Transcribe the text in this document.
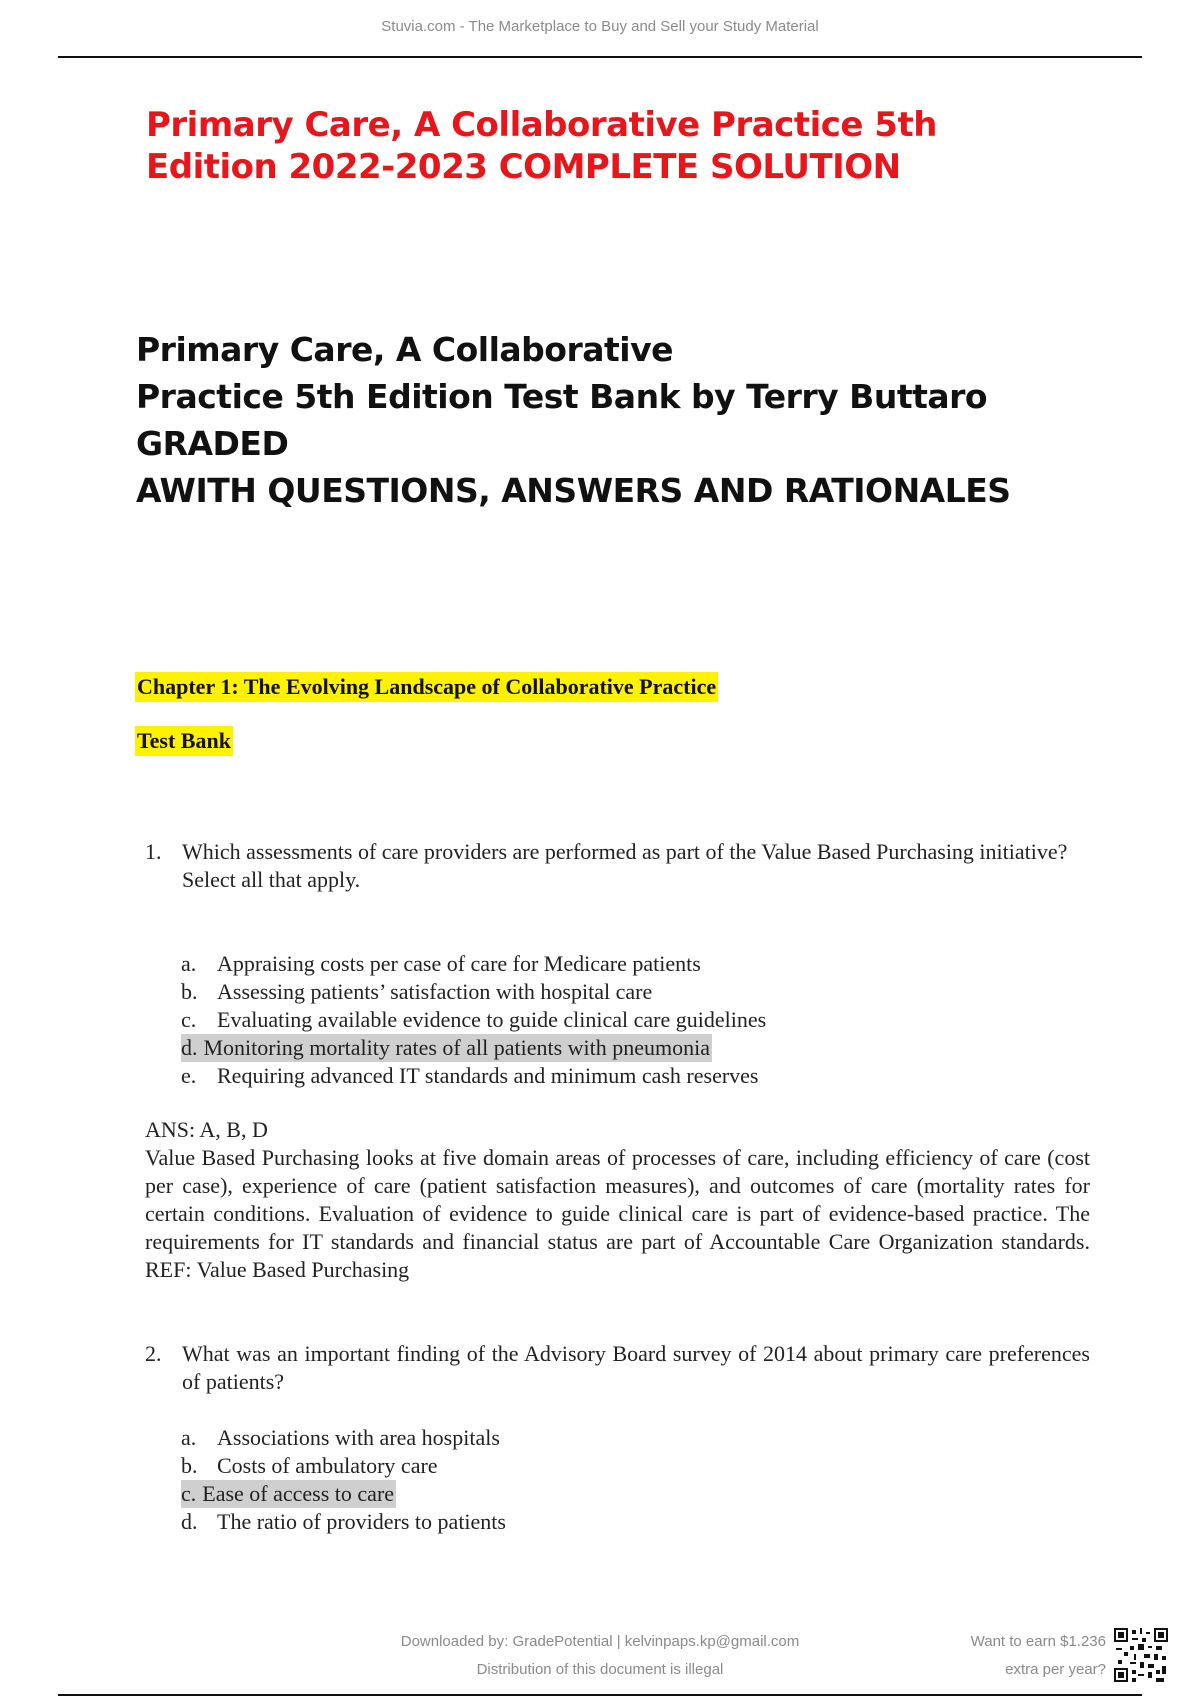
Stuvia.com - The Marketplace to Buy and Sell your Study Material
Primary Care, A Collaborative Practice 5th
Edition 2022-2023 COMPLETE SOLUTION
Primary Care, A Collaborative
Practice 5th Edition Test Bank by Terry Buttaro GRADED
AWITH QUESTIONS, ANSWERS AND RATIONALES
Chapter 1: The Evolving Landscape of Collaborative Practice
Test Bank
1. Which assessments of care providers are performed as part of the Value Based Purchasing initiative?
Select all that apply.
a. Appraising costs per case of care for Medicare patients
b. Assessing patients’ satisfaction with hospital care
c. Evaluating available evidence to guide clinical care guidelines
d. Monitoring mortality rates of all patients with pneumonia
e. Requiring advanced IT standards and minimum cash reserves

ANS: A, B, D

Value Based Purchasing looks at five domain areas of processes of care, including efficiency of care (cost per case), experience of care (patient satisfaction measures), and outcomes of care (mortality rates for certain conditions. Evaluation of evidence to guide clinical care is part of evidence-based practice. The requirements for IT standards and financial status are part of Accountable Care Organization standards. REF: Value Based Purchasing

2. What was an important finding of the Advisory Board survey of 2014 about primary care preferences of patients?
a. Associations with area hospitals
b. Costs of ambulatory care
c. Ease of access to care
d. The ratio of providers to patients
Downloaded by: GradePotential | kelvinpaps.kp@gmail.com
Distribution of this document is illegal
Want to earn $1.236
extra per year?
